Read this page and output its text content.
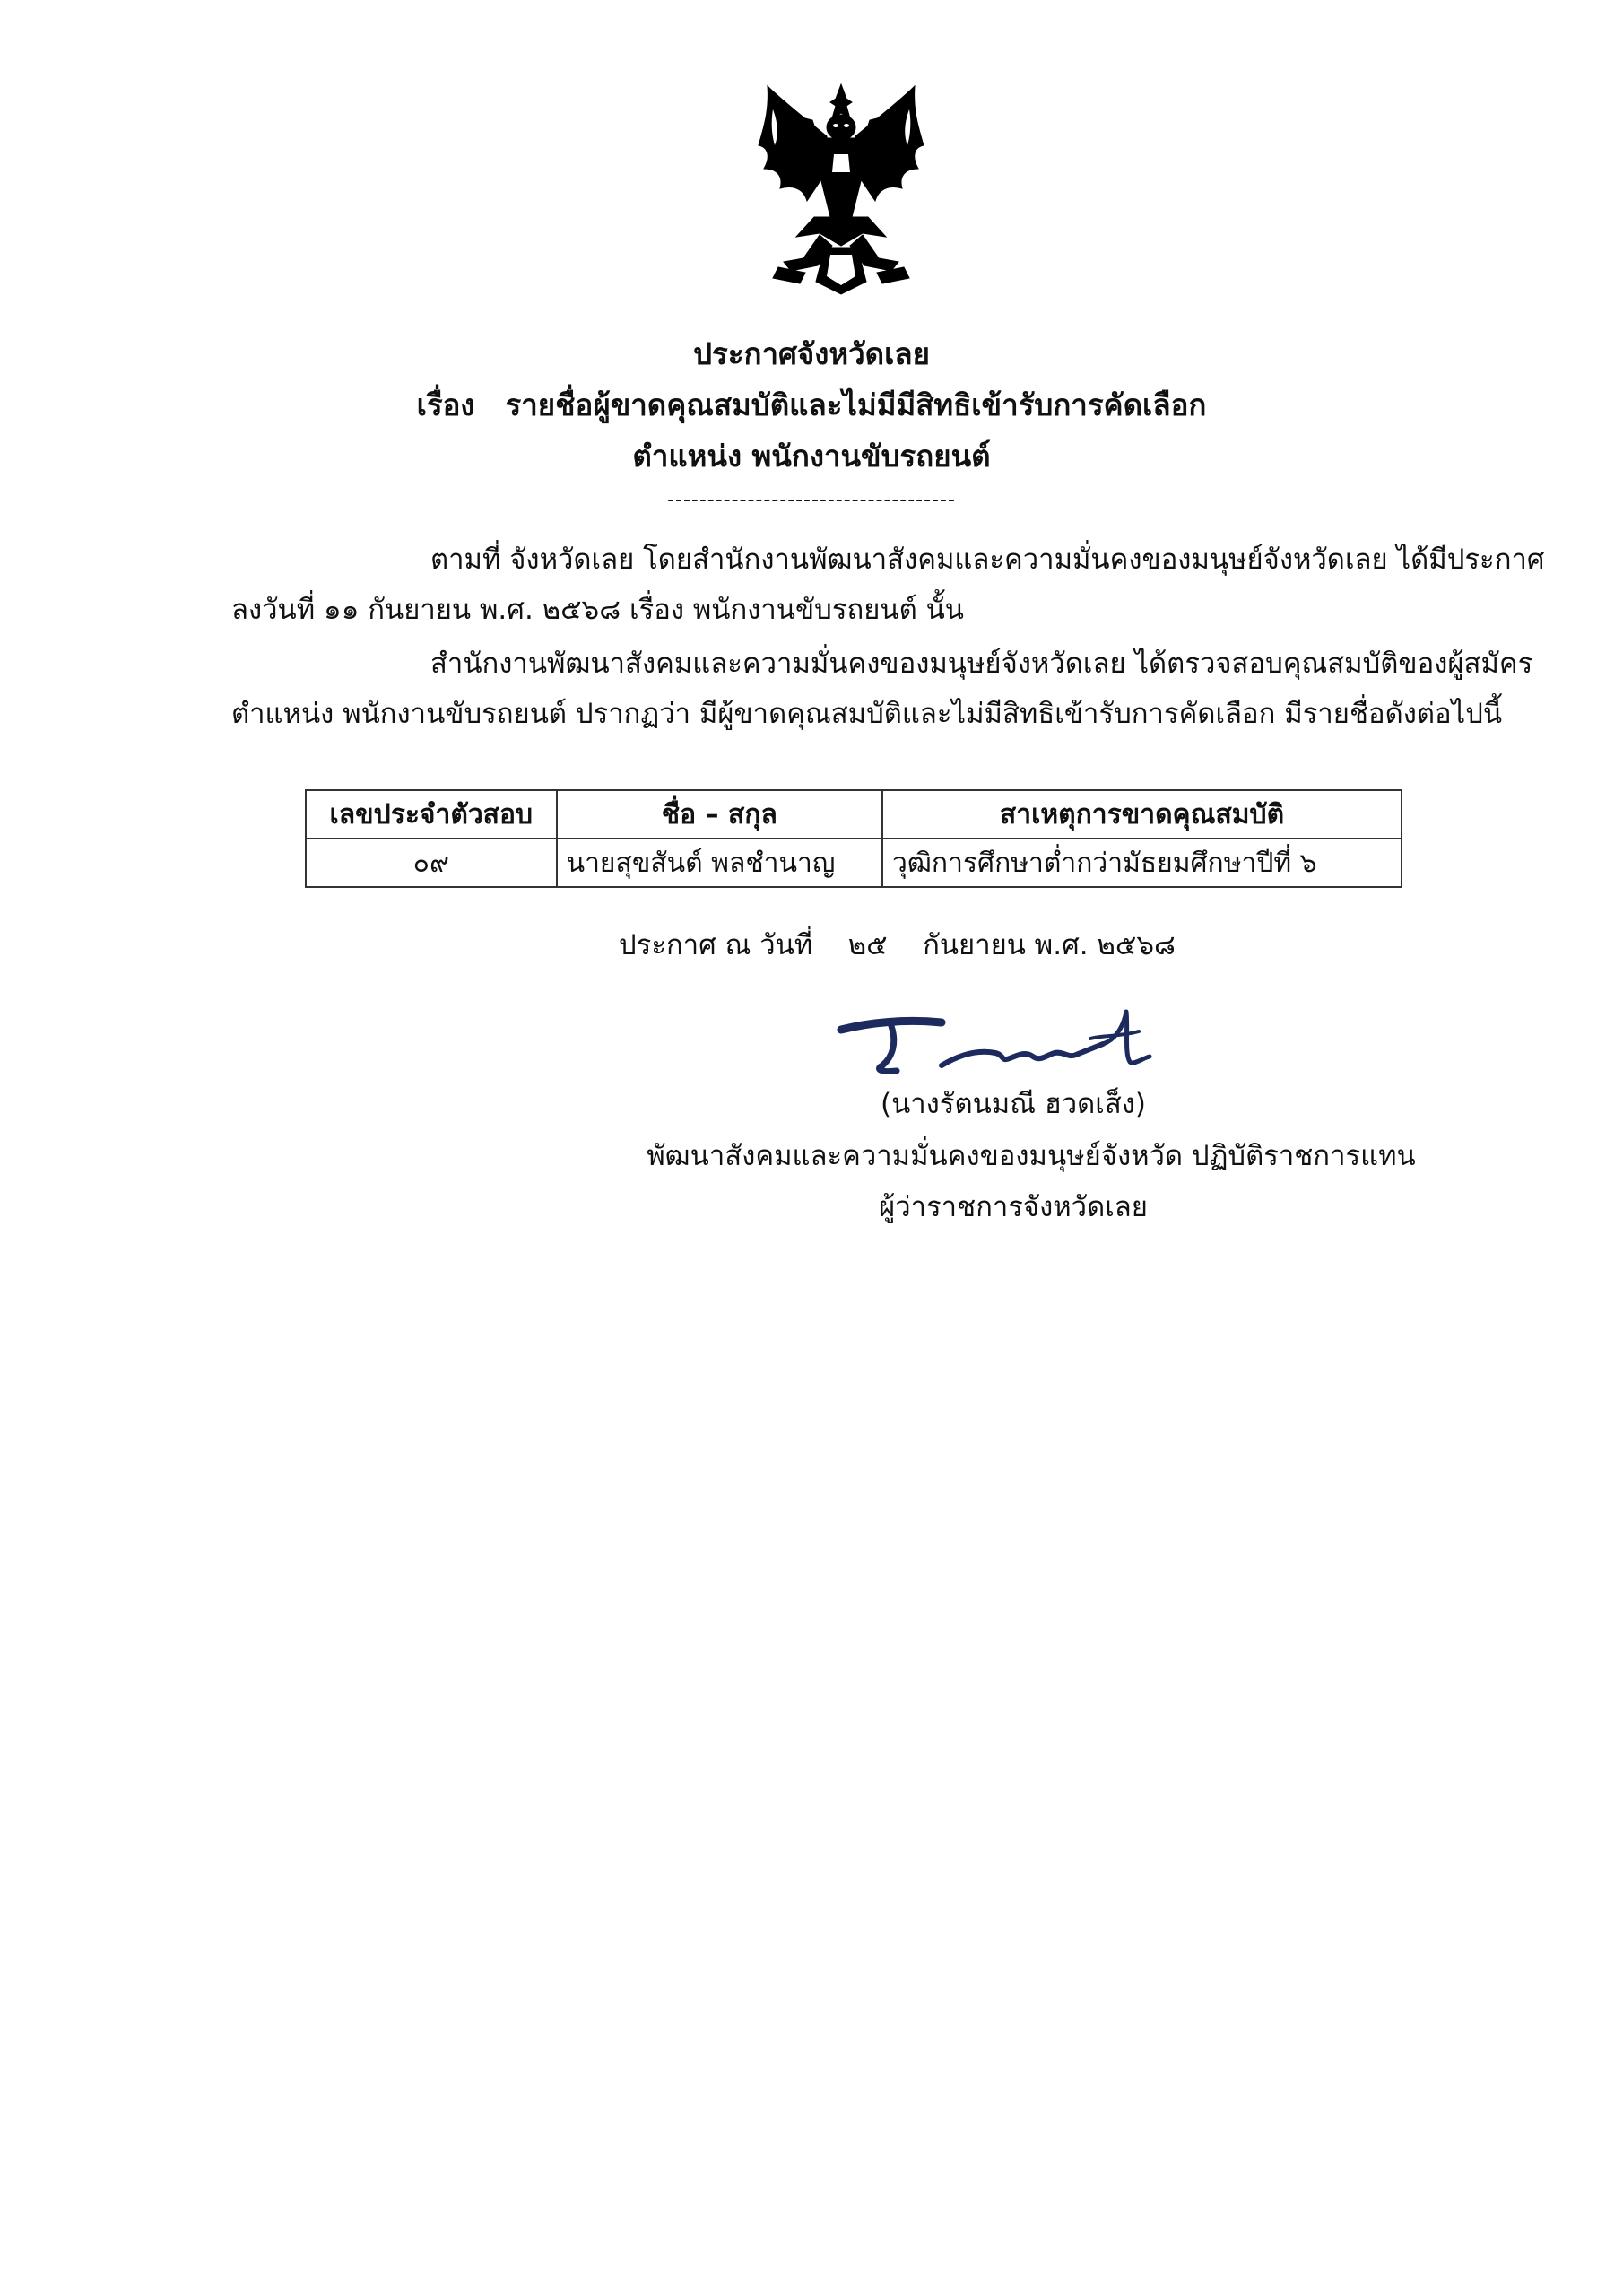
ประกาศจังหวัดเลย
เรื่อง รายชื่อผู้ขาดคุณสมบัติและไม่มีมีสิทธิเข้ารับการคัดเลือก
ตำแหน่ง พนักงานขับรถยนต์
------------------------------------
ตามที่ จังหวัดเลย โดยสำนักงานพัฒนาสังคมและความมั่นคงของมนุษย์จังหวัดเลย ได้มีประกาศ
ลงวันที่ ๑๑ กันยายน พ.ศ. ๒๕๖๘ เรื่อง พนักงานขับรถยนต์ นั้น
สำนักงานพัฒนาสังคมและความมั่นคงของมนุษย์จังหวัดเลย ได้ตรวจสอบคุณสมบัติของผู้สมัคร
ตำแหน่ง พนักงานขับรถยนต์ ปรากฏว่า มีผู้ขาดคุณสมบัติและไม่มีสิทธิเข้ารับการคัดเลือก มีรายชื่อดังต่อไปนี้
เลขประจำตัวสอบ	ชื่อ – สกุล	สาเหตุการขาดคุณสมบัติ
๐๙	นายสุขสันต์ พลชำนาญ	วุฒิการศึกษาต่ำกว่ามัธยมศึกษาปีที่ ๖
ประกาศ ณ วันที่    ๒๕    กันยายน พ.ศ. ๒๕๖๘
(นางรัตนมณี ฮวดเส็ง)
พัฒนาสังคมและความมั่นคงของมนุษย์จังหวัด ปฏิบัติราชการแทน
ผู้ว่าราชการจังหวัดเลย
